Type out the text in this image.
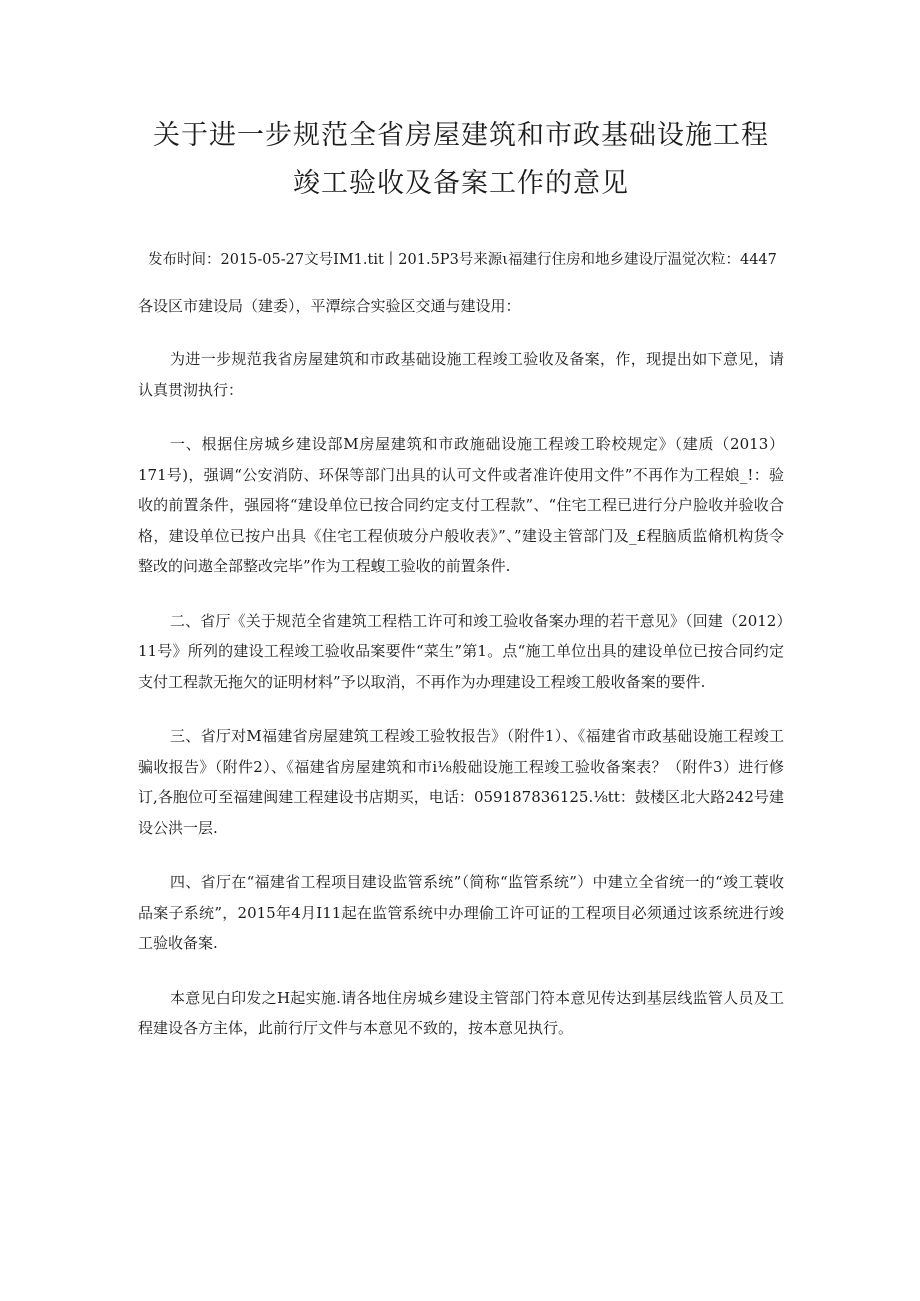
关于进一步规范全省房屋建筑和市政基础设施工程
竣工验收及备案工作的意见

发布时间：2015-05-27文号IM1.tit丨201.5P3号来源ι福建行住房和地乡建设厅温觉次粒：4447

各设区市建设局（建委），平潭综合实验区交通与建设用：

为进一步规范我省房屋建筑和市政基础设施工程竣工验收及备案，作，现提出如下意见，请认真贯沏执行：

一、根据住房城乡建设部M房屋建筑和市政施础设施工程竣工聆校规定》（建质（2013）171号)，强调“公安消防、环保等部门出具的认可文件或者准许使用文件”不再作为工程娘_!：验收的前置条件，强园将“建设单位已按合同约定支付工程款”、“住宅工程已进行分户脸收并验收合格，建设单位已按户出具《住宅工程侦玻分户般收表》”、”建设主管部门及_£程脑质监脩机构货令整改的问遨全部整改完毕”作为工程蝮工验收的前置条件.

二、省厅《关于规范全省建筑工程梏工许可和竣工验收备案办理的若干意见》（回建（2012）11号》所列的建设工程竣工验收品案要件“菜生”第1。点“施工单位出具的建设单位已按合同约定支付工程款无拖欠的证明材料”予以取消，不再作为办理建设工程竣工般收备案的要件.

三、省厅对M福建省房屋建筑工程竣工验牧报告》（附件1）、《福建省市政基础设施工程竣工骗收报告》（附件2）、《福建省房屋建筑和市i⅛般础设施工程竣工验收备案表？（附件3）进行修订,各胞位可至福建闽建工程建设书店期买，电话：059187836125.⅛tt：鼓楼区北大路242号建设公洪一层.

四、省厅在“福建省工程项目建设监管系统”（简称“监管系统”）中建立全省统一的“竣工蓑收品案子系统”，2015年4月I11起在监管系统中办理偷工许可证的工程项目必须通过该系统进行竣工验收备案.

本意见白印发之H起实施.请各地住房城乡建设主管部门符本意见传达到基层线监管人员及工程建设各方主体，此前行厅文件与本意见不致的，按本意见执行。
